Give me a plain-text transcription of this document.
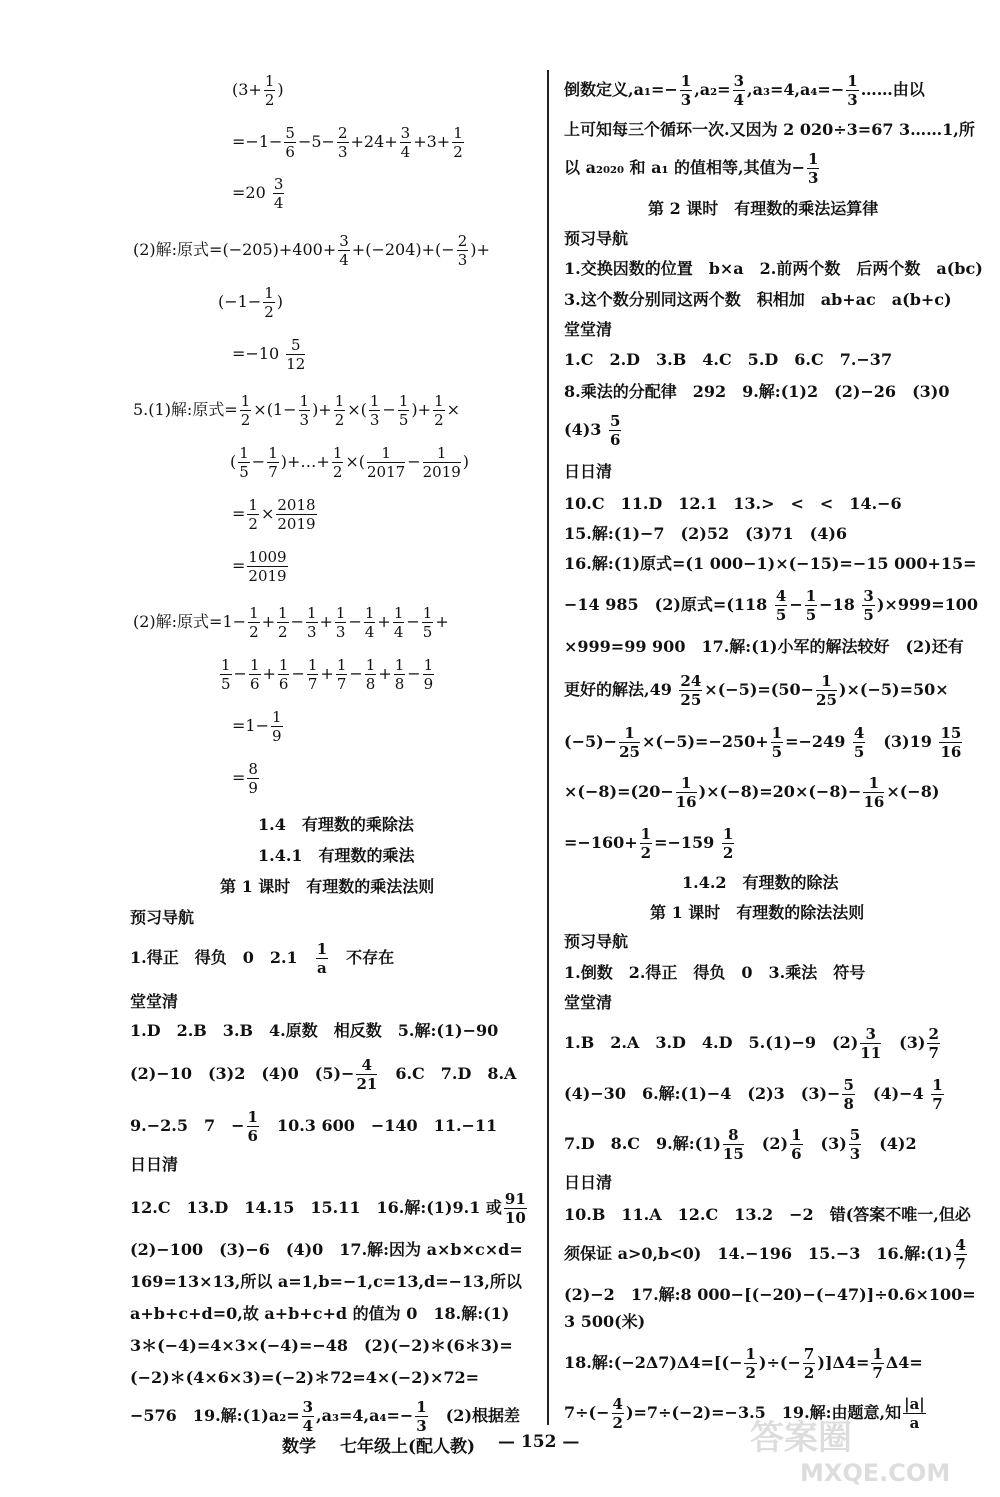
($3+ \frac{1}{2}$ )
$=-1- \frac{5}{6} -5- \frac{2}{3} +24+ \frac{3}{4} +3+ \frac{1}{2}$
$=20 \frac{3}{4}$
(2)解:原式$=(-205)+400+ \frac{3}{4} +(-204)+(- \frac{2}{3}$ )+
($-1- \frac{1}{2}$ )
$=-10 \frac{5}{12}$
5.(1)解:原式= $\frac{1}{2} \times(1- \frac{1}{3}$ )+ $\frac{1}{2}$ ×( $\frac{1}{3} - \frac{1}{5}$ )+ $\frac{1}{2}$ ×
( $\frac{1}{5} - \frac{1}{7}$ )+…+ $\frac{1}{2}$ ×( $\frac{1}{2017} - \frac{1}{2019}$ )
= $\frac{1}{2} \times \frac{2018}{2019}$
= $\frac{1009}{2019}$
(2)解:原式$=1- \frac{1}{2} + \frac{1}{2} - \frac{1}{3} + \frac{1}{3} - \frac{1}{4} + \frac{1}{4} - \frac{1}{5}$ +
$\frac{1}{5} - \frac{1}{6} + \frac{1}{6} - \frac{1}{7} + \frac{1}{7} - \frac{1}{8} + \frac{1}{8} - \frac{1}{9}$
$=1- \frac{1}{9}$
= $\frac{8}{9}$
1.4　有理数的乘除法
1.4.1　有理数的乘法
第 1 课时　有理数的乘法法则
预习导航
1.得正　得负　0　2.1　 $\frac{1}{a}$ 　不存在
堂堂清
1.D　2.B　3.B　4.原数　相反数　5.解:(1)−90
(2)−10　(3)2　(4)0　$(5)- \frac{4}{21}$ 　6.C　7.D　8.A
9.−2.5　7　− $\frac{1}{6}$ 　10.3 600　−140　11.−11
日日清
12.C　13.D　14.15　15.11　16.解:(1)9.1 或 $\frac{91}{10}$
(2)−100　(3)−6　(4)0　17.解:因为 a×b×c×d=
169=13×13,所以 a=1,b=−1,c=13,d=−13,所以
a+b+c+d=0,故 a+b+c+d 的值为 0　18.解:(1)
3＊(−4)=4×3×(−4)=−48　(2)(−2)＊(6＊3)=
(−2)＊(4×6×3)=(−2)＊72=4×(−2)×72=
−576　19.解:(1)a₂= $\frac{3}{4} ,a_3=4,a_4=- \frac{1}{3}$ 　(2)根据差
倒数定义$,a_1=- \frac{1}{3} ,a_2= \frac{3}{4} ,a_3=4,a_4=- \frac{1}{3}$ ……由以
上可知每三个循环一次.又因为 2 020÷3=67 3……1,所
以 a₂₀₂₀ 和 a₁ 的值相等,其值为− $\frac{1}{3}$
第 2 课时　有理数的乘法运算律
预习导航
1.交换因数的位置　b×a　2.前两个数　后两个数　a(bc)
3.这个数分别同这两个数　积相加　ab+ac　a(b+c)
堂堂清
1.C　2.D　3.B　4.C　5.D　6.C　7.−37
8.乘法的分配律　292　9.解:(1)2　(2)−26　(3)0
$(4)3 \frac{5}{6}$
日日清
10.C　11.D　12.1　13.>　<　<　14.−6
15.解:(1)−7　(2)52　(3)71　(4)6
16.解:(1)原式=(1 000−1)×(−15)=−15 000+15=
−14 985　(2)原式$=(118 \frac{4}{5} - \frac{1}{5} -18 \frac{3}{5} )\times 999=100$
×999=99 900　17.解:(1)小军的解法较好　(2)还有
更好的解法$,49 \frac{24}{25} \times(-5)=(50- \frac{1}{25} )\times(-5)=50\times$
$(-5)- \frac{1}{25} \times(-5)=-250+ \frac{1}{5} =-249 \frac{4}{5}$ 　$(3)19 \frac{15}{16}$
$\times(-8)=(20- \frac{1}{16} )\times(-8)=20\times(-8)- \frac{1}{16} \times(-8)$
$=-160+ \frac{1}{2} =-159 \frac{1}{2}$
1.4.2　有理数的除法
第 1 课时　有理数的除法法则
预习导航
1.倒数　2.得正　得负　0　3.乘法　符号
堂堂清
1.B　2.A　3.D　4.D　5.(1)−9　$(2) \frac{3}{11}$ 　$(3) \frac{2}{7}$
(4)−30　6.解:(1)−4　(2)3　$(3)- \frac{5}{8}$ 　$(4)-4 \frac{1}{7}$
7.D　8.C　9.解:(1) $\frac{8}{15}$ 　$(2) \frac{1}{6}$ 　$(3) \frac{5}{3}$ 　(4)2
日日清
10.B　11.A　12.C　13.2　−2　错(答案不唯一,但必
须保证 a>0,b<0)　14.−196　15.−3　16.解:(1) $\frac{4}{7}$
(2)−2　17.解:8 000−[(−20)−(−47)]÷0.6×100=
3 500(米)
18.解:(−2Δ7)Δ4=[(− $\frac{1}{2}$ )÷(− $\frac{7}{2} )]\Delta 4= \frac{1}{7} \Delta 4=$
$7\div(- \frac{4}{2} )=7\div(-2)=-3.5$　19.解:由题意,知 $\frac{|a|}{a}$
数学 七年级上(配人教) — 152 —	答案圈
MXQE.COM
